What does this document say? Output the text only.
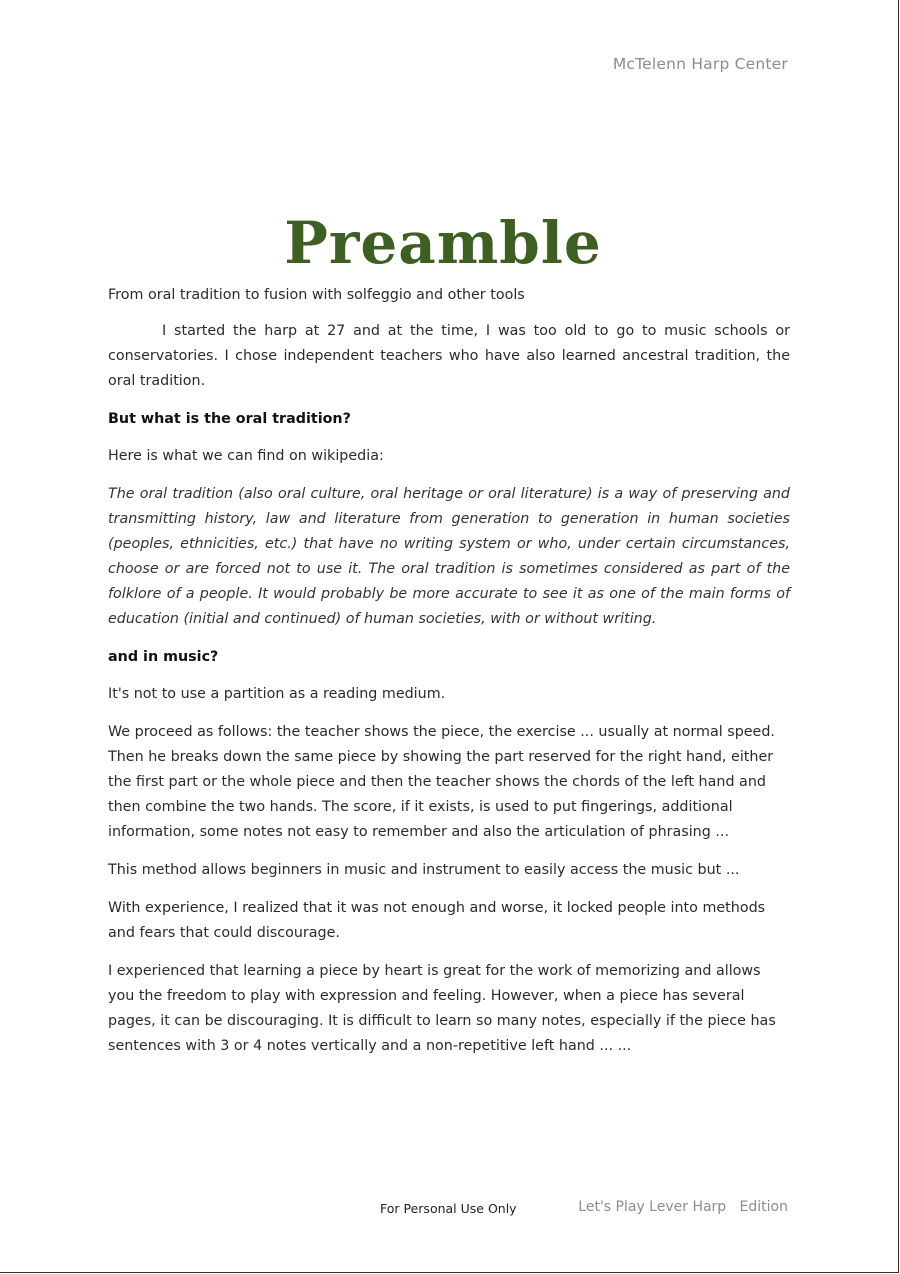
McTelenn Harp Center
Preamble

From oral tradition to fusion with solfeggio and other tools

I started the harp at 27 and at the time, I was too old to go to music schools or conservatories. I chose independent teachers who have also learned ancestral tradition, the oral tradition.

But what is the oral tradition?

Here is what we can find on wikipedia:

The oral tradition (also oral culture, oral heritage or oral literature) is a way of preserving and transmitting history, law and literature from generation to generation in human societies (peoples, ethnicities, etc.) that have no writing system or who, under certain circumstances, choose or are forced not to use it. The oral tradition is sometimes considered as part of the folklore of a people. It would probably be more accurate to see it as one of the main forms of education (initial and continued) of human societies, with or without writing.

and in music?

It's not to use a partition as a reading medium.

We proceed as follows: the teacher shows the piece, the exercise ... usually at normal speed. Then he breaks down the same piece by showing the part reserved for the right hand, either the first part or the whole piece and then the teacher shows the chords of the left hand and then combine the two hands. The score, if it exists, is used to put fingerings, additional information, some notes not easy to remember and also the articulation of phrasing ...

This method allows beginners in music and instrument to easily access the music but ...

With experience, I realized that it was not enough and worse, it locked people into methods and fears that could discourage.

I experienced that learning a piece by heart is great for the work of memorizing and allows you the freedom to play with expression and feeling. However, when a piece has several pages, it can be discouraging. It is difficult to learn so many notes, especially if the piece has sentences with 3 or 4 notes vertically and a non-repetitive left hand ... ...

For Personal Use Only	Let's Play Lever Harp   Edition
